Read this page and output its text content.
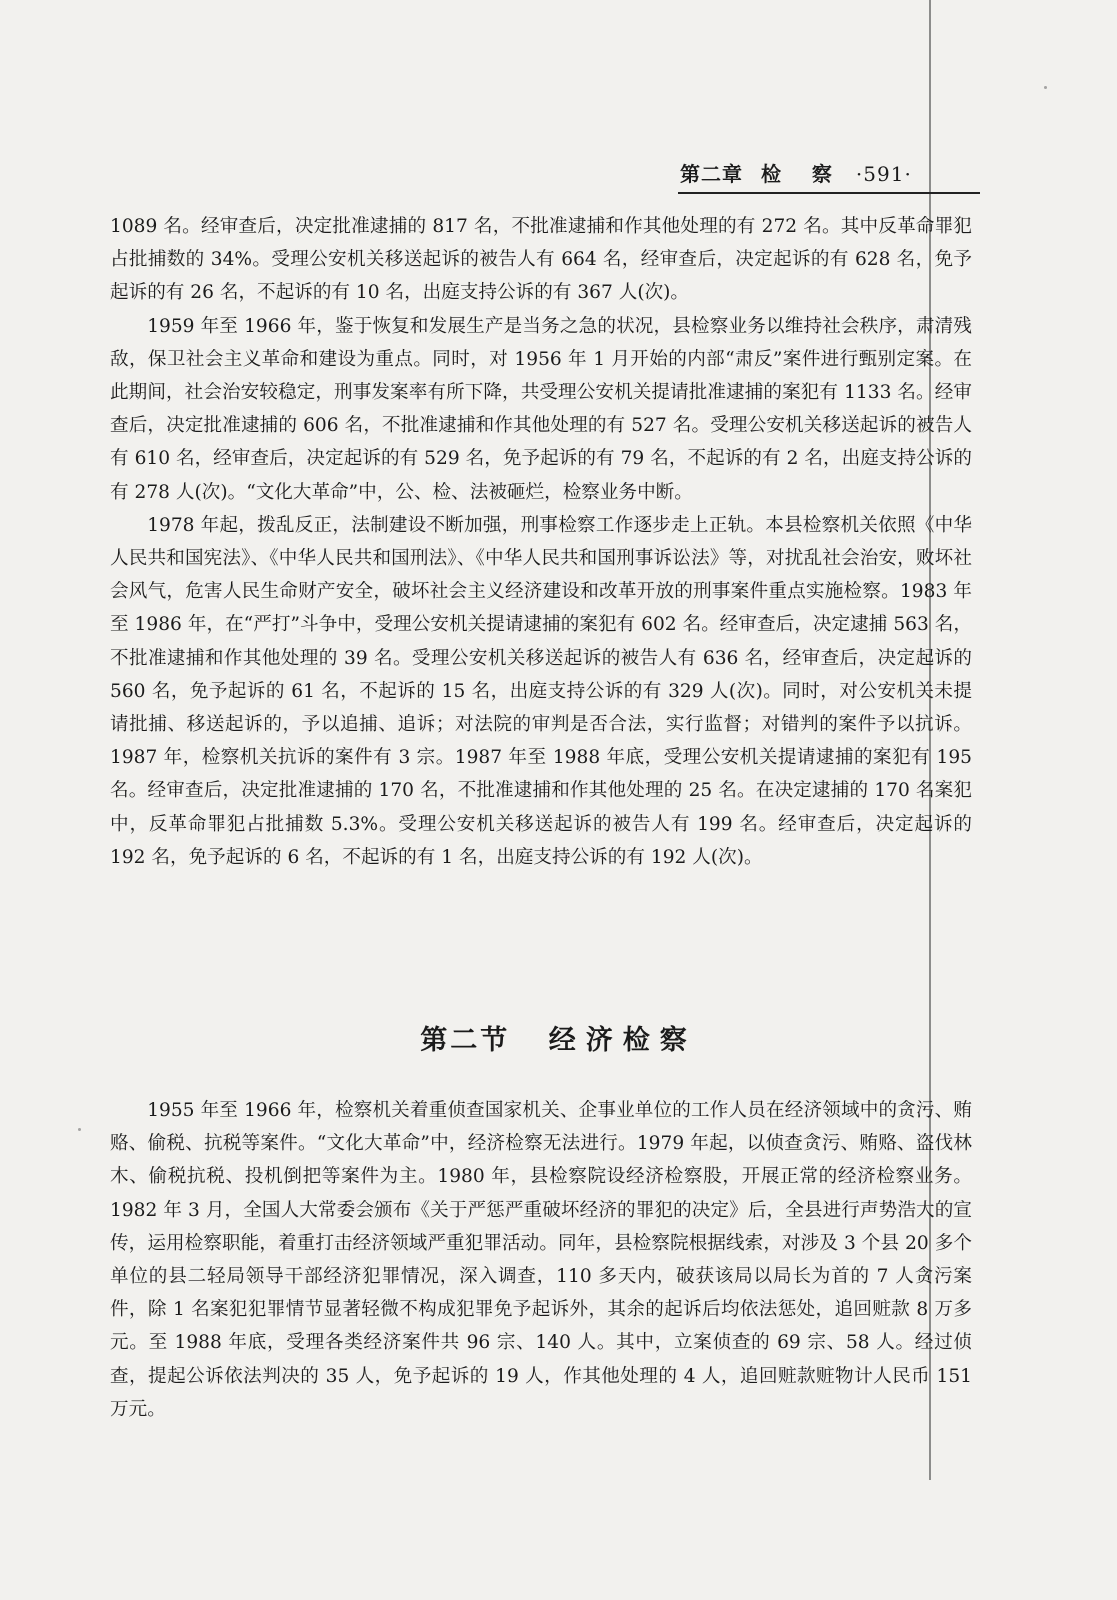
第二章 检 察 ·591·

1089 名。经审查后，决定批准逮捕的 817 名，不批准逮捕和作其他处理的有 272 名。其中反革命罪犯占批捕数的 34%。受理公安机关移送起诉的被告人有 664 名，经审查后，决定起诉的有 628 名，免予起诉的有 26 名，不起诉的有 10 名，出庭支持公诉的有 367 人(次)。

1959 年至 1966 年，鉴于恢复和发展生产是当务之急的状况，县检察业务以维持社会秩序，肃清残敌，保卫社会主义革命和建设为重点。同时，对 1956 年 1 月开始的内部“肃反”案件进行甄别定案。在此期间，社会治安较稳定，刑事发案率有所下降，共受理公安机关提请批准逮捕的案犯有 1133 名。经审查后，决定批准逮捕的 606 名，不批准逮捕和作其他处理的有 527 名。受理公安机关移送起诉的被告人有 610 名，经审查后，决定起诉的有 529 名，免予起诉的有 79 名，不起诉的有 2 名，出庭支持公诉的有 278 人(次)。“文化大革命”中，公、检、法被砸烂，检察业务中断。

1978 年起，拨乱反正，法制建设不断加强，刑事检察工作逐步走上正轨。本县检察机关依照《中华人民共和国宪法》、《中华人民共和国刑法》、《中华人民共和国刑事诉讼法》等，对扰乱社会治安，败坏社会风气，危害人民生命财产安全，破坏社会主义经济建设和改革开放的刑事案件重点实施检察。1983 年至 1986 年，在“严打”斗争中，受理公安机关提请逮捕的案犯有 602 名。经审查后，决定逮捕 563 名，不批准逮捕和作其他处理的 39 名。受理公安机关移送起诉的被告人有 636 名，经审查后，决定起诉的 560 名，免予起诉的 61 名，不起诉的 15 名，出庭支持公诉的有 329 人(次)。同时，对公安机关未提请批捕、移送起诉的，予以追捕、追诉；对法院的审判是否合法，实行监督；对错判的案件予以抗诉。1987 年，检察机关抗诉的案件有 3 宗。1987 年至 1988 年底，受理公安机关提请逮捕的案犯有 195 名。经审查后，决定批准逮捕的 170 名，不批准逮捕和作其他处理的 25 名。在决定逮捕的 170 名案犯中，反革命罪犯占批捕数 5.3%。受理公安机关移送起诉的被告人有 199 名。经审查后，决定起诉的 192 名，免予起诉的 6 名，不起诉的有 1 名，出庭支持公诉的有 192 人(次)。

第二节 经济检察

1955 年至 1966 年，检察机关着重侦查国家机关、企事业单位的工作人员在经济领域中的贪污、贿赂、偷税、抗税等案件。“文化大革命”中，经济检察无法进行。1979 年起，以侦查贪污、贿赂、盗伐林木、偷税抗税、投机倒把等案件为主。1980 年，县检察院设经济检察股，开展正常的经济检察业务。1982 年 3 月，全国人大常委会颁布《关于严惩严重破坏经济的罪犯的决定》后，全县进行声势浩大的宣传，运用检察职能，着重打击经济领域严重犯罪活动。同年，县检察院根据线索，对涉及 3 个县 20 多个单位的县二轻局领导干部经济犯罪情况，深入调查，110 多天内，破获该局以局长为首的 7 人贪污案件，除 1 名案犯犯罪情节显著轻微不构成犯罪免予起诉外，其余的起诉后均依法惩处，追回赃款 8 万多元。至 1988 年底，受理各类经济案件共 96 宗、140 人。其中，立案侦查的 69 宗、58 人。经过侦查，提起公诉依法判决的 35 人，免予起诉的 19 人，作其他处理的 4 人，追回赃款赃物计人民币 151 万元。
